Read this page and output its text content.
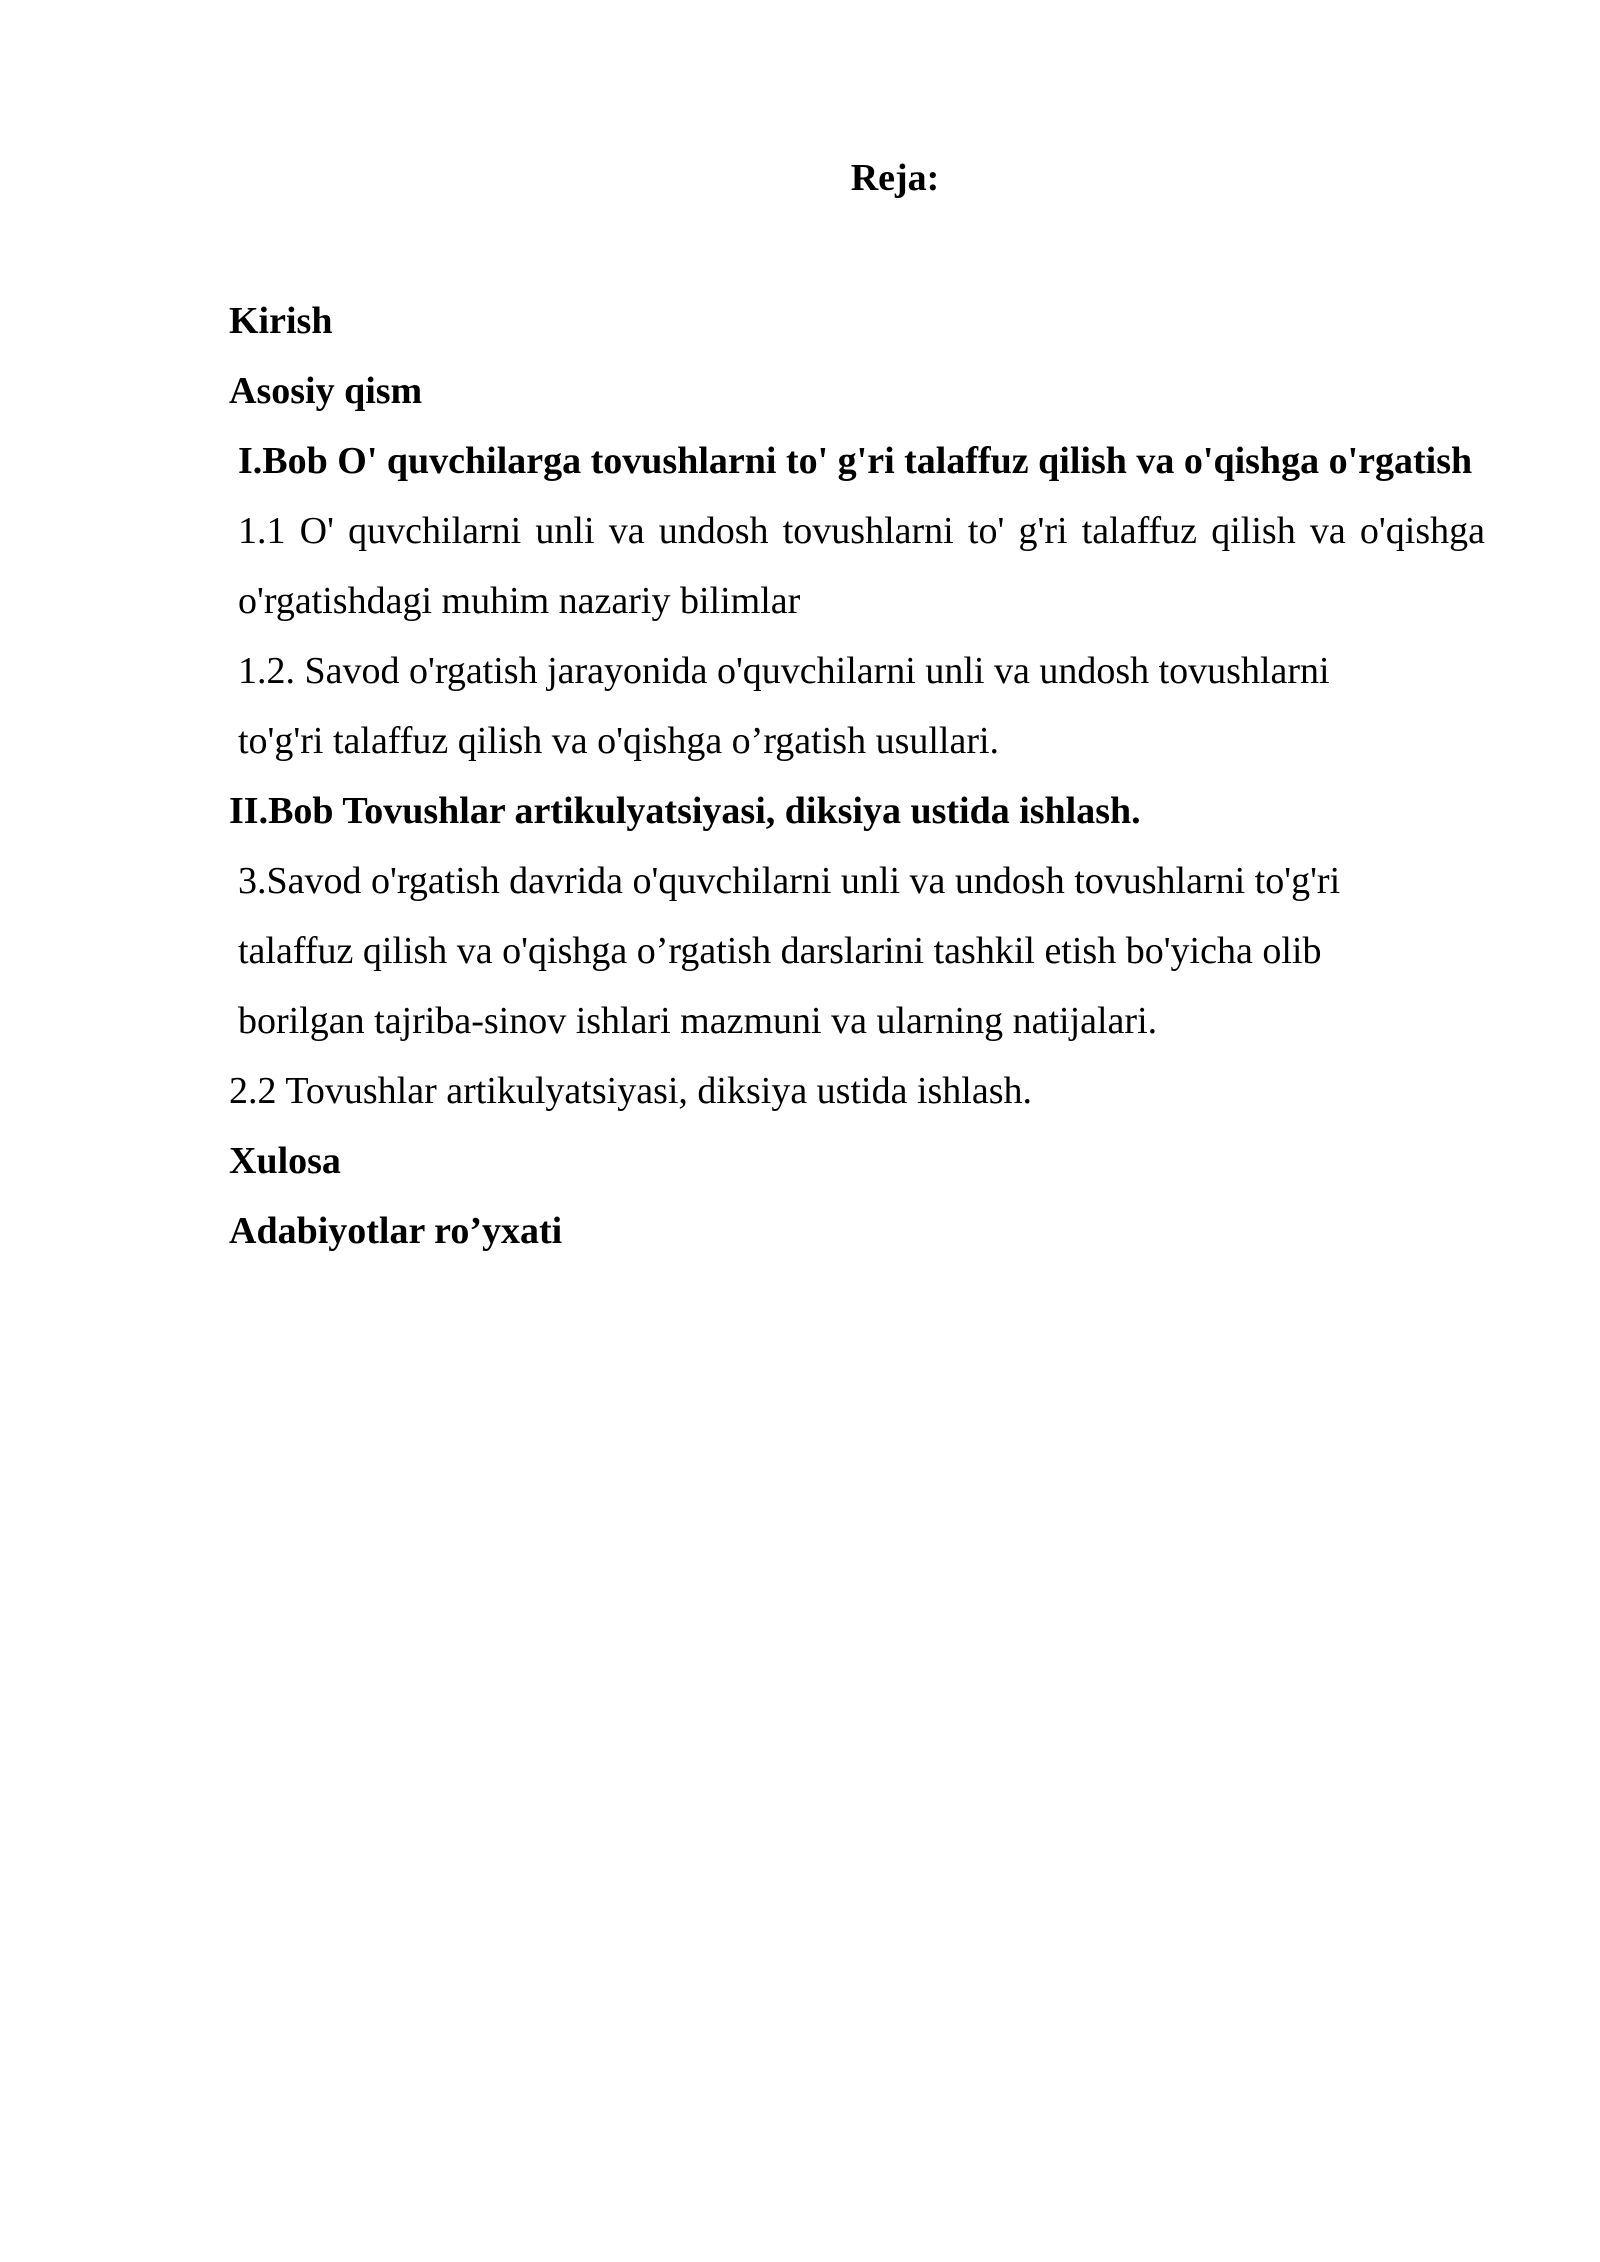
Reja:

Kirish

Asosiy qism

I.Bob O' quvchilarga tovushlarni to' g'ri talaffuz qilish va o'qishga o'rgatish

1.1 O' quvchilarni unli va undosh tovushlarni to' g'ri talaffuz qilish va o'qishga o'rgatishdagi muhim nazariy bilimlar

1.2. Savod o'rgatish jarayonida o'quvchilarni unli va undosh tovushlarni

to'g'ri talaffuz qilish va o'qishga o’rgatish usullari.

II.Bob Tovushlar artikulyatsiyasi, diksiya ustida ishlash.

3.Savod o'rgatish davrida o'quvchilarni unli va undosh tovushlarni to'g'ri

talaffuz qilish va o'qishga o’rgatish darslarini tashkil etish bo'yicha olib

borilgan tajriba-sinov ishlari mazmuni va ularning natijalari.

2.2 Tovushlar artikulyatsiyasi, diksiya ustida ishlash.

Xulosa

Adabiyotlar ro’yxati
